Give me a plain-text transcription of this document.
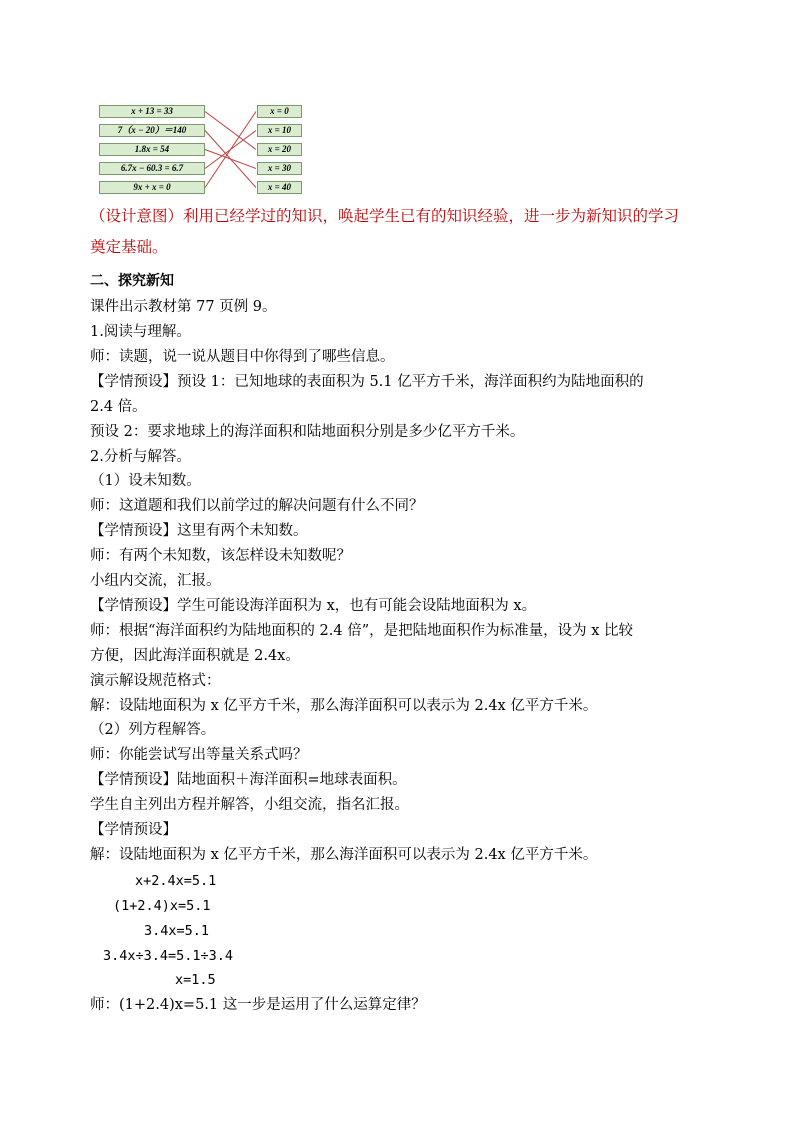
x + 13 = 33
7（x − 20）＝140
1.8x = 54
6.7x − 60.3 = 6.7
9x + x = 0
x = 0
x = 10
x = 20
x = 30
x = 40
（设计意图）利用已经学过的知识，唤起学生已有的知识经验，进一步为新知识的学习
奠定基础。
二、探究新知
课件出示教材第 77 页例 9。
1.阅读与理解。
师：读题，说一说从题目中你得到了哪些信息。
【学情预设】预设 1：已知地球的表面积为 5.1 亿平方千米，海洋面积约为陆地面积的
2.4 倍。
预设 2：要求地球上的海洋面积和陆地面积分别是多少亿平方千米。
2.分析与解答。
（1）设未知数。
师：这道题和我们以前学过的解决问题有什么不同？
【学情预设】这里有两个未知数。
师：有两个未知数，该怎样设未知数呢？
小组内交流，汇报。
【学情预设】学生可能设海洋面积为 x，也有可能会设陆地面积为 x。
师：根据“海洋面积约为陆地面积的 2.4 倍”，是把陆地面积作为标准量，设为 x 比较
方便，因此海洋面积就是 2.4x。
演示解设规范格式：
解：设陆地面积为 x 亿平方千米，那么海洋面积可以表示为 2.4x 亿平方千米。
（2）列方程解答。
师：你能尝试写出等量关系式吗？
【学情预设】陆地面积＋海洋面积=地球表面积。
学生自主列出方程并解答，小组交流，指名汇报。
【学情预设】
解：设陆地面积为 x 亿平方千米，那么海洋面积可以表示为 2.4x 亿平方千米。
x+2.4x=5.1
(1+2.4)x=5.1
3.4x=5.1
3.4x÷3.4=5.1÷3.4
x=1.5
师：(1+2.4)x=5.1 这一步是运用了什么运算定律？
